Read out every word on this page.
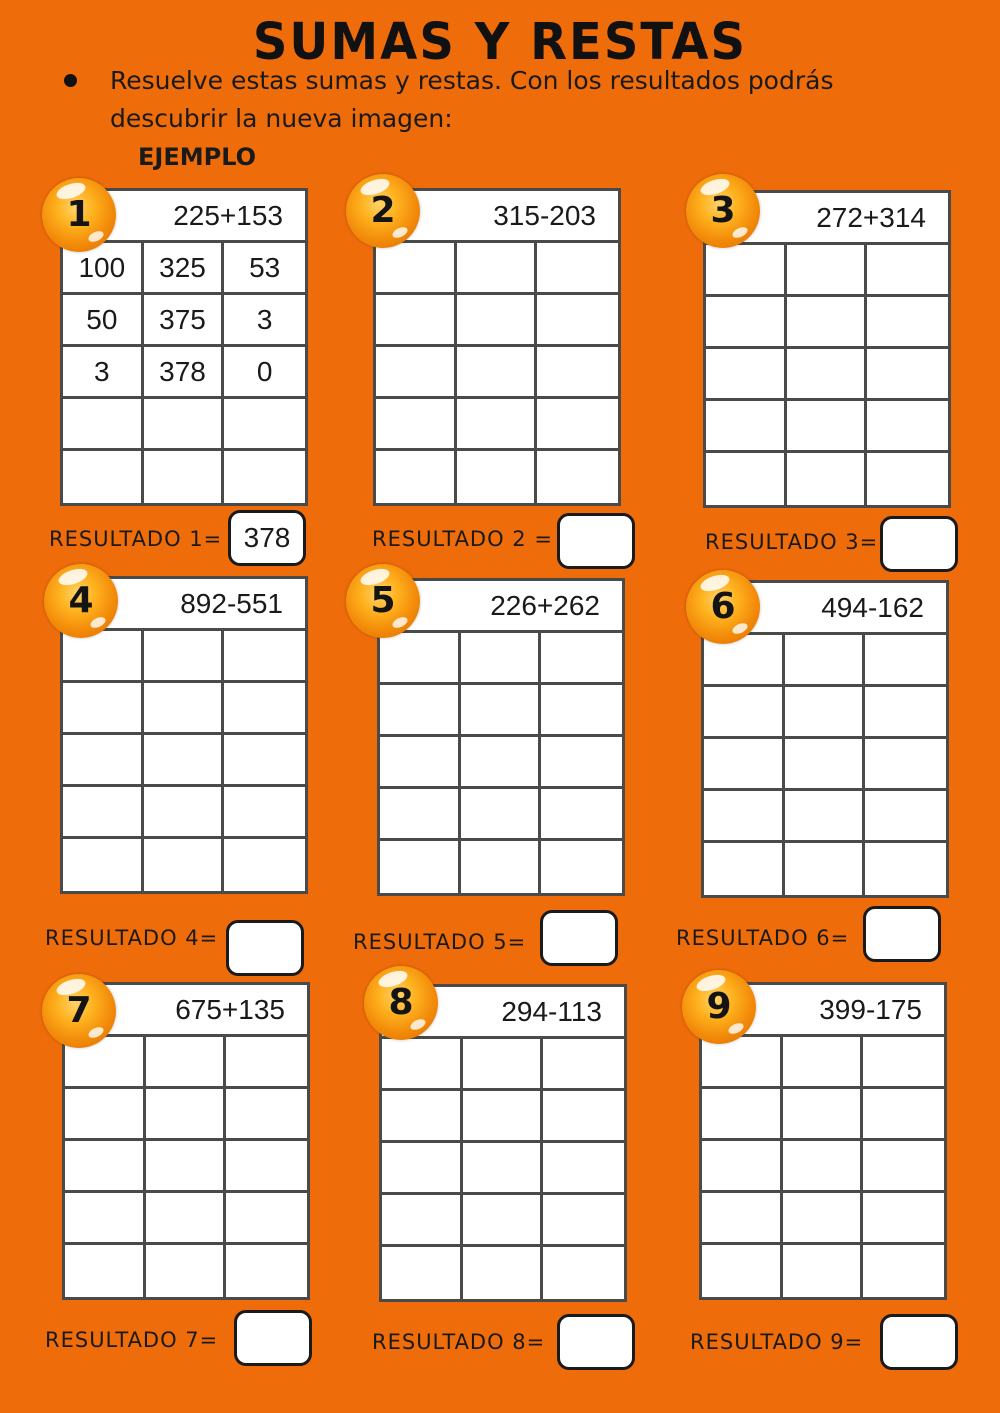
SUMAS Y RESTAS
Resuelve estas sumas y restas. Con los resultados podrás descubrir la nueva imagen:
EJEMPLO
225+153
100	325	53
50	375	3
3	378	0
1
RESULTADO 1= 378
315-203
2
RESULTADO 2 =
272+314
3
RESULTADO 3=
892-551
4
RESULTADO 4=
226+262
5
RESULTADO 5=
494-162
6
RESULTADO 6=
675+135
7
RESULTADO 7=
294-113
8
RESULTADO 8=
399-175
9
RESULTADO 9=
